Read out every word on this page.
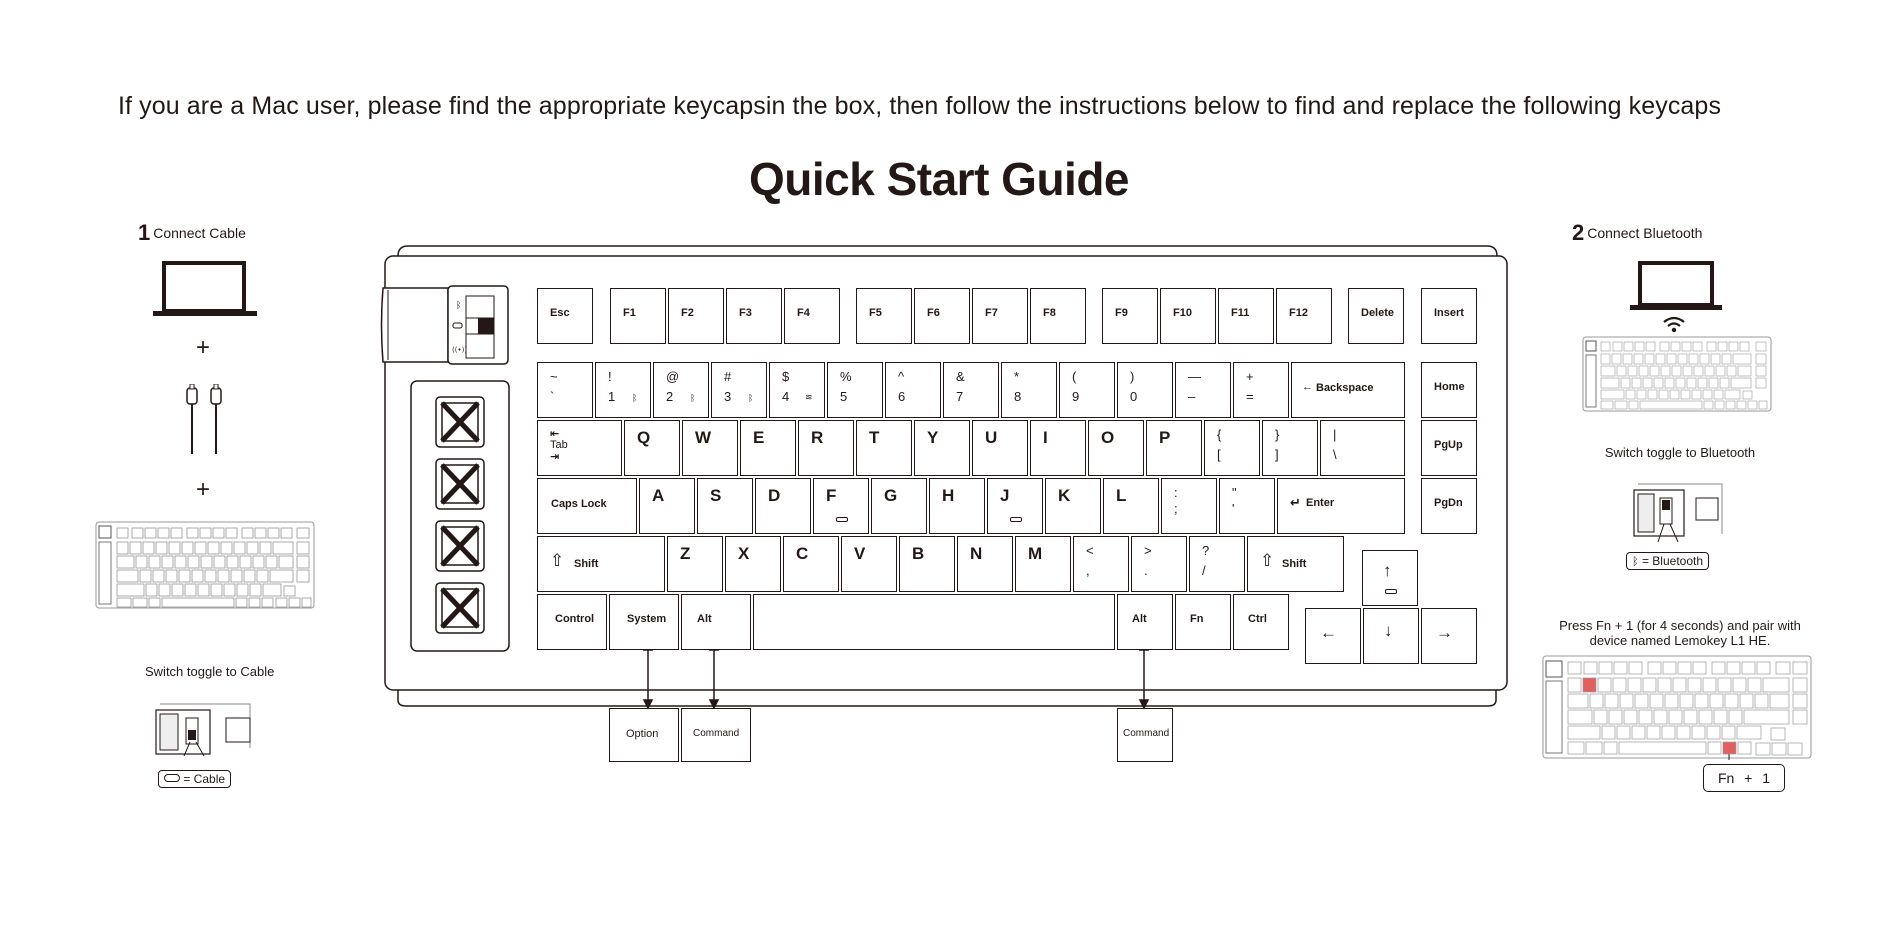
If you are a Mac user, please find the appropriate keycapsin the box, then follow the instructions below to find and replace the following keycaps
Quick Start Guide
1 Connect Cable
+
+
Switch toggle to Cable
= Cable
2 Connect Bluetooth
Switch toggle to Bluetooth
ᛒ = Bluetooth
Press Fn + 1 (for 4 seconds) and pair with
device named Lemokey L1 HE.
Fn + 1
ᛒ
((•))
Esc	F1	F2	F3	F4	F5	F6	F7	F8	F9	F10	F11	F12	Delete	Insert
~
`
!
1 ᛒ
@
2 ᛒ
#
3 ᛒ
$
4 ≋
%
5
^
6
&
7
*
8
(
9
)
0
—
–
+
=
← Backspace	Home
⇤
Tab
⇥
Q	W E	R	T	Y	U	I	O	P	{
[
}
]
|
\
PgUp
Caps Lock	A	S	D	F	G	H	J	K	L	:
;
"
'	↵ Enter	PgDn
⇧ Shift
Z	X	C	V	B	N	M	<
,
>
.
?
/
⇧ Shift	↑
Control	System	Alt	Alt	Fn	Ctrl
←	↓	→
Option	Command	Command
